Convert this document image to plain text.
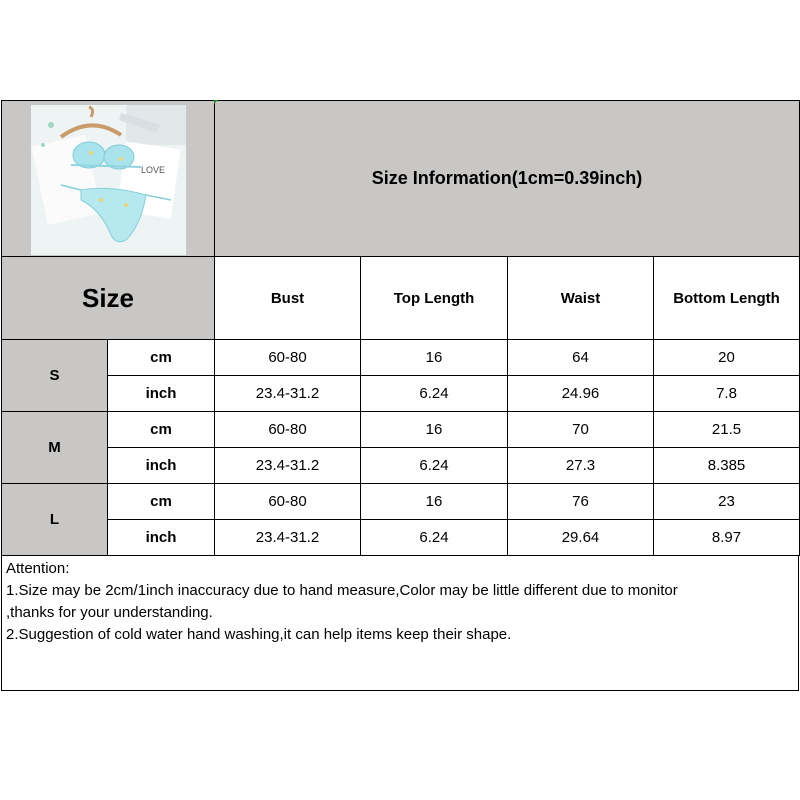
LOVE		Size Information(1cm=0.39inch)			
Size		Bust	Top Length	Waist	Bottom Length
S	cm	60-80	16	64	20
	inch	23.4-31.2	6.24	24.96	7.8
M	cm	60-80	16	70	21.5
	inch	23.4-31.2	6.24	27.3	8.385
L	cm	60-80	16	76	23
	inch	23.4-31.2	6.24	29.64	8.97
Attention:
1.Size may be 2cm/1inch inaccuracy due to hand measure,Color may be little different due to monitor
,thanks for your understanding.
2.Suggestion of cold water hand washing,it can help items keep their shape.
